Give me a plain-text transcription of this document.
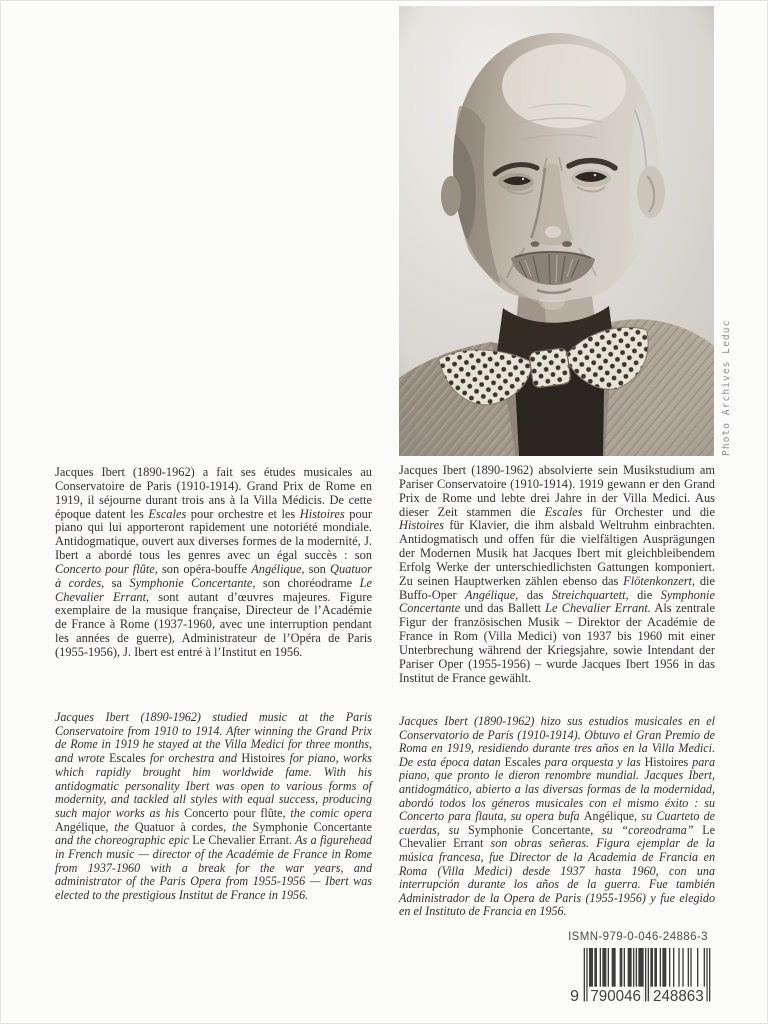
Photo Archives Leduc
Jacques Ibert (1890-1962) a fait ses études musicales au Conservatoire de Paris (1910-1914). Grand Prix de Rome en 1919, il séjourne durant trois ans à la Villa Médicis. De cette époque datent les Escales pour orchestre et les Histoires pour piano qui lui apporteront rapidement une notoriété mondiale. Antidogmatique, ouvert aux diverses formes de la modernité, J. Ibert a abordé tous les genres avec un égal succès : son Concerto pour flûte, son opéra-bouffe Angélique, son Quatuor à cordes, sa Symphonie Concertante, son choréodrame Le Chevalier Errant, sont autant d’œuvres majeures. Figure exemplaire de la musique française, Directeur de l’Académie de France à Rome (1937-1960, avec une interruption pendant les années de guerre), Administrateur de l’Opéra de Paris (1955-1956), J. Ibert est entré à l’Institut en 1956.
Jacques Ibert (1890-1962) studied music at the Paris Conservatoire from 1910 to 1914. After winning the Grand Prix de Rome in 1919 he stayed at the Villa Medici for three months, and wrote Escales for orchestra and Histoires for piano, works which rapidly brought him worldwide fame. With his antidogmatic personality Ibert was open to various forms of modernity, and tackled all styles with equal success, producing such major works as his Concerto pour flûte, the comic opera Angélique, the Quatuor à cordes, the Symphonie Concertante and the choreographic epic Le Chevalier Errant. As a figurehead in French music — director of the Académie de France in Rome from 1937-1960 with a break for the war years, and administrator of the Paris Opera from 1955-1956 — Ibert was elected to the prestigious Institut de France in 1956.
Jacques Ibert (1890-1962) absolvierte sein Musikstudium am Pariser Conservatoire (1910-1914). 1919 gewann er den Grand Prix de Rome und lebte drei Jahre in der Villa Medici. Aus dieser Zeit stammen die Escales für Orchester und die Histoires für Klavier, die ihm alsbald Weltruhm einbrachten. Antidogmatisch und offen für die vielfältigen Ausprägungen der Modernen Musik hat Jacques Ibert mit gleichbleibendem Erfolg Werke der unterschiedlichsten Gattungen komponiert. Zu seinen Hauptwerken zählen ebenso das Flötenkonzert, die Buffo-Oper Angélique, das Streichquartett, die Symphonie Concertante und das Ballett Le Chevalier Errant. Als zentrale Figur der französischen Musik – Direktor der Académie de France in Rom (Villa Medici) von 1937 bis 1960 mit einer Unterbrechung während der Kriegsjahre, sowie Intendant der Pariser Oper (1955-1956) – wurde Jacques Ibert 1956 in das Institut de France gewählt.
Jacques Ibert (1890-1962) hizo sus estudios musicales en el Conservatorio de París (1910-1914). Obtuvo el Gran Premio de Roma en 1919, residiendo durante tres años en la Villa Medici. De esta época datan Escales para orquesta y las Histoires para piano, que pronto le dieron renombre mundial. Jacques Ibert, antidogmático, abierto a las diversas formas de la modernidad, abordó todos los géneros musicales con el mismo éxito : su Concerto para flauta, su opera bufa Angélique, su Cuarteto de cuerdas, su Symphonie Concertante, su “coreodrama” Le Chevalier Errant son obras señeras. Figura ejemplar de la música francesa, fue Director de la Academia de Francia en Roma (Villa Medici) desde 1937 hasta 1960, con una interrupción durante los años de la guerra. Fue también Administrador de la Opera de Paris (1955-1956) y fue elegido en el Instituto de Francia en 1956.
ISMN-979-0-046-24886-3
9 790046 248863
